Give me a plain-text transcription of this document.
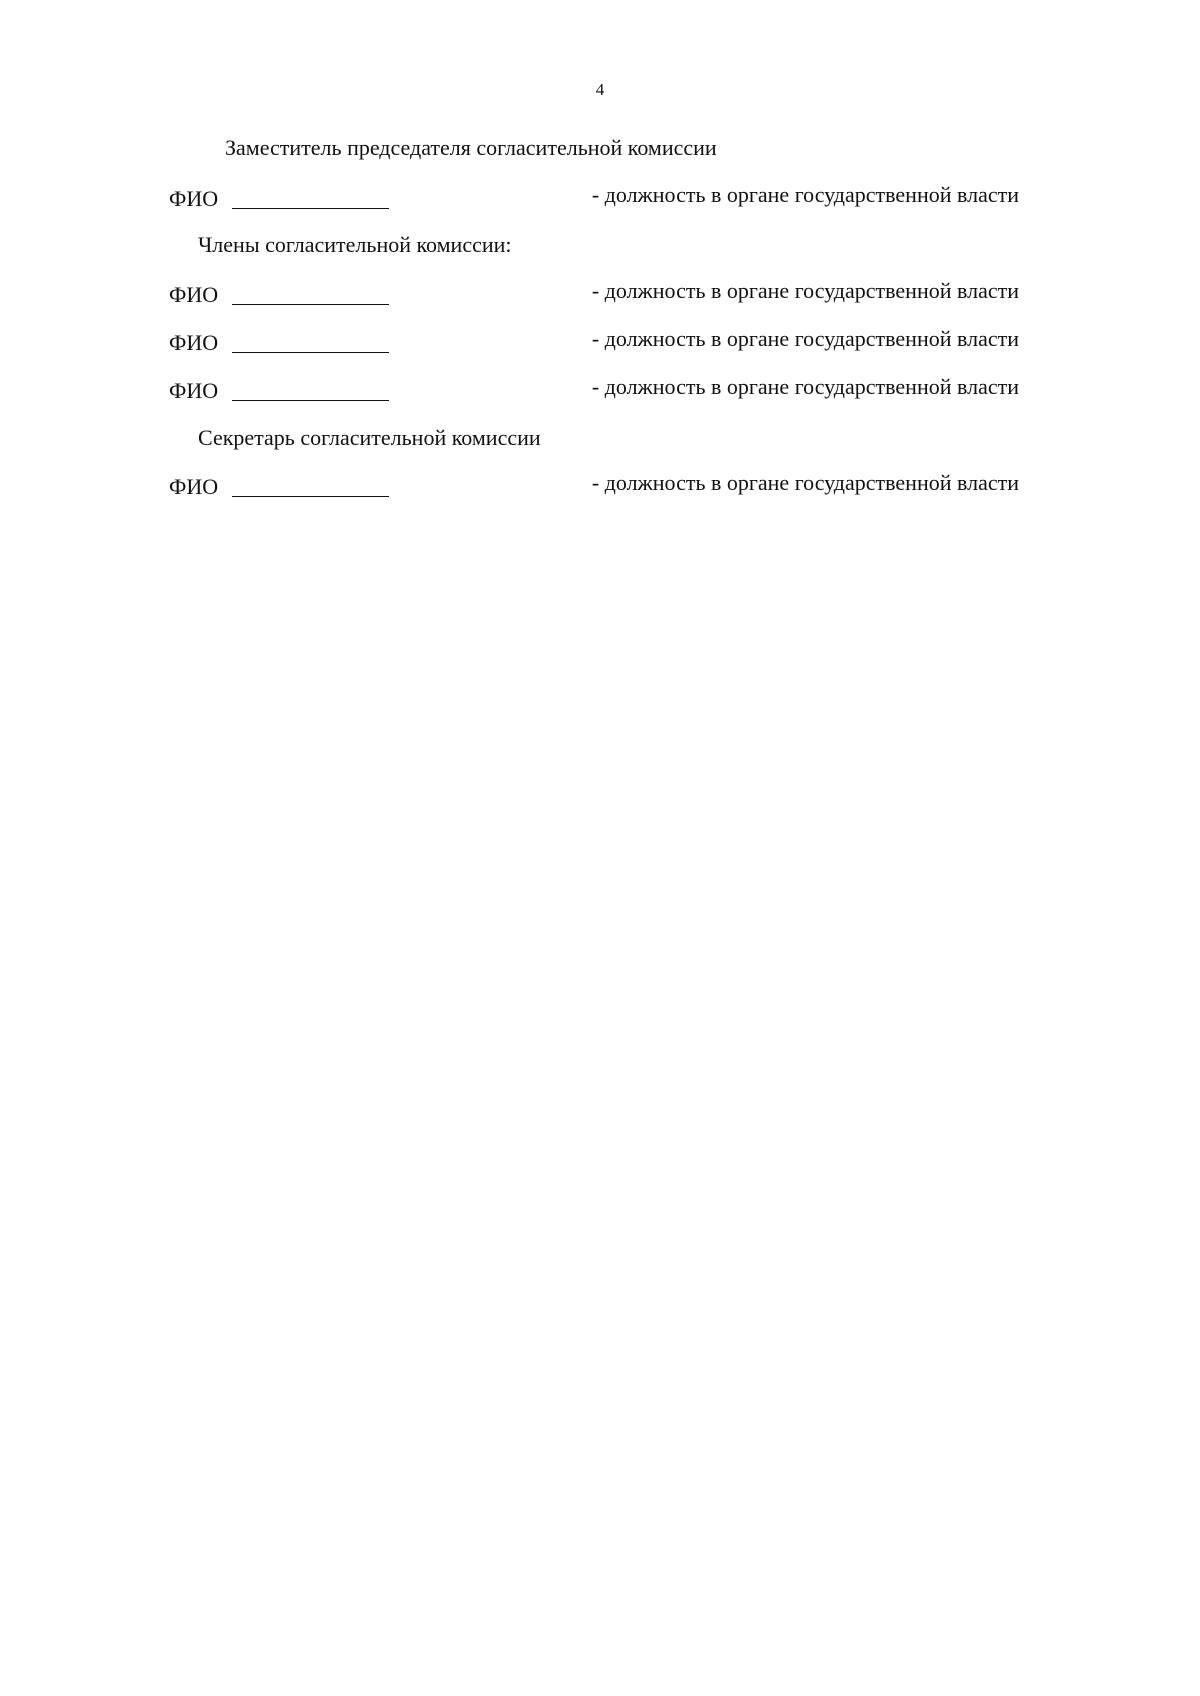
4
Заместитель председателя согласительной комиссии
ФИО	- должность в органе государственной власти
Члены согласительной комиссии:
ФИО	- должность в органе государственной власти
ФИО	- должность в органе государственной власти
ФИО	- должность в органе государственной власти
Секретарь согласительной комиссии
ФИО	- должность в органе государственной власти
